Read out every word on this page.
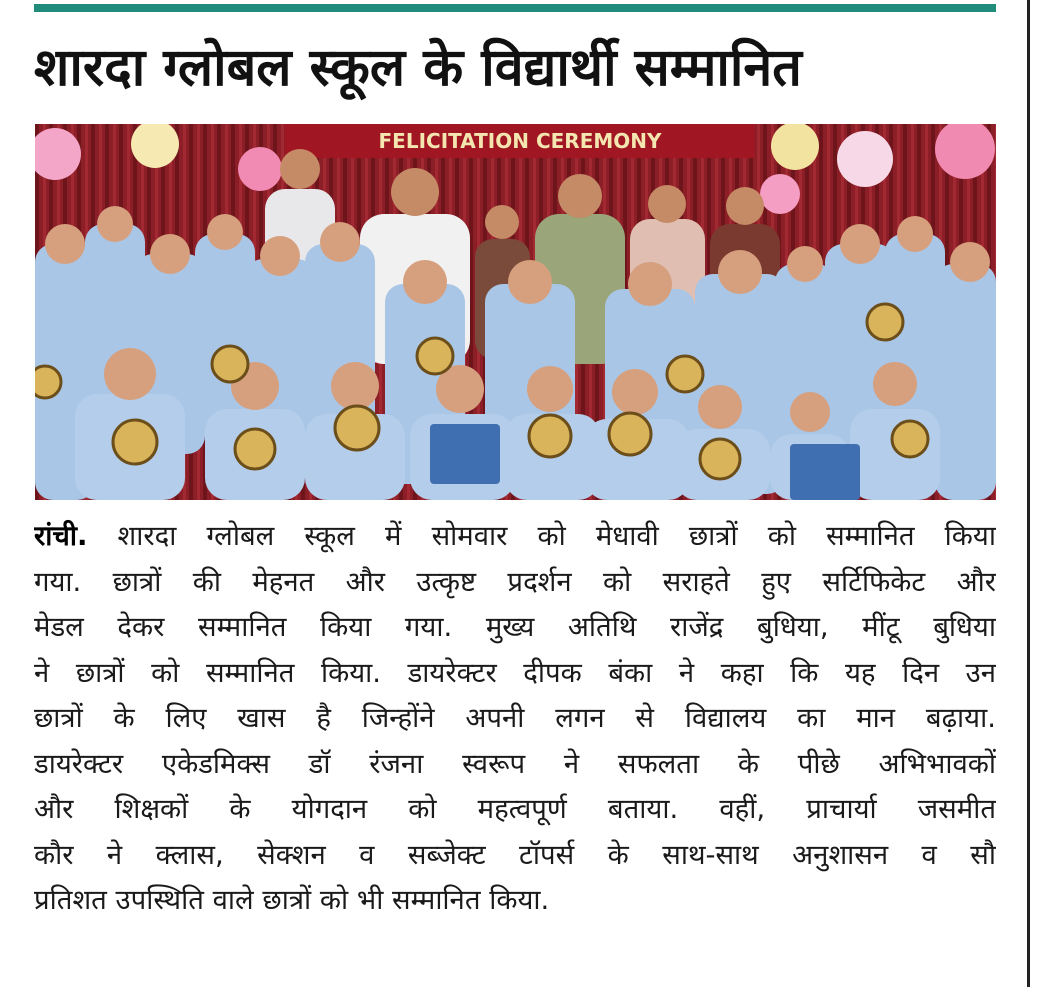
शारदा ग्लोबल स्कूल के विद्यार्थी सम्मानित
FELICITATION CEREMONY
रांची. शारदा ग्लोबल स्कूल में सोमवार को मेधावी छात्रों को सम्मानित किया
गया. छात्रों की मेहनत और उत्कृष्ट प्रदर्शन को सराहते हुए सर्टिफिकेट और
मेडल देकर सम्मानित किया गया. मुख्य अतिथि राजेंद्र बुधिया, मींटू बुधिया
ने छात्रों को सम्मानित किया. डायरेक्टर दीपक बंका ने कहा कि यह दिन उन
छात्रों के लिए खास है जिन्होंने अपनी लगन से विद्यालय का मान बढ़ाया.
डायरेक्टर एकेडमिक्स डॉ रंजना स्वरूप ने सफलता के पीछे अभिभावकों
और शिक्षकों के योगदान को महत्वपूर्ण बताया. वहीं, प्राचार्या जसमीत
कौर ने क्लास, सेक्शन व सब्जेक्ट टॉपर्स के साथ-साथ अनुशासन व सौ
प्रतिशत उपस्थिति वाले छात्रों को भी सम्मानित किया.
